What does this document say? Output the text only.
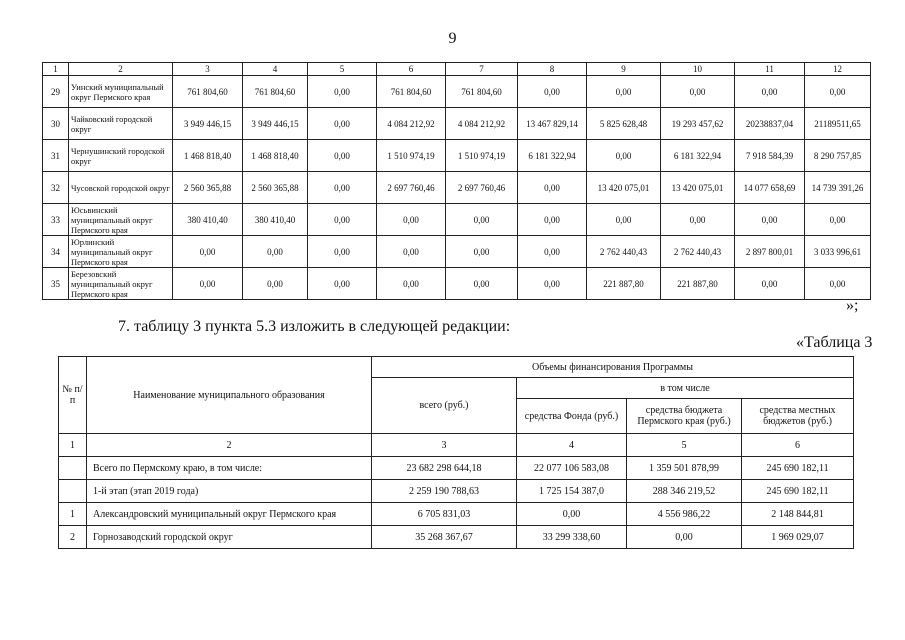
9
1	2	3	4	5	6	7	8	9	10	11	12
29	Уинский муниципальный округ Пермского края	761 804,60	761 804,60	0,00	761 804,60	761 804,60	0,00	0,00	0,00	0,00	0,00
30	Чайковский городской округ	3 949 446,15	3 949 446,15	0,00	4 084 212,92	4 084 212,92	13 467 829,14	5 825 628,48	19 293 457,62	20238837,04	21189511,65
31	Чернушинский городской округ	1 468 818,40	1 468 818,40	0,00	1 510 974,19	1 510 974,19	6 181 322,94	0,00	6 181 322,94	7 918 584,39	8 290 757,85
32	Чусовской городской округ	2 560 365,88	2 560 365,88	0,00	2 697 760,46	2 697 760,46	0,00	13 420 075,01	13 420 075,01	14 077 658,69	14 739 391,26
33	Юсьвинский муниципальный округ Пермского края	380 410,40	380 410,40	0,00	0,00	0,00	0,00	0,00	0,00	0,00	0,00
34	Юрлинский муниципальный округ Пермского края	0,00	0,00	0,00	0,00	0,00	0,00	2 762 440,43	2 762 440,43	2 897 800,01	3 033 996,61
35	Березовский муниципальный округ Пермского края	0,00	0,00	0,00	0,00	0,00	0,00	221 887,80	221 887,80	0,00	0,00
»;
7. таблицу 3 пункта 5.3 изложить в следующей редакции:
«Таблица 3
№ п/п	Наименование муниципального образования	Объемы финансирования Программы			
		всего (руб.)	в том числе		
			средства Фонда (руб.)	средства бюджета Пермского края (руб.)	средства местных бюджетов (руб.)
1	2	3	4	5	6
	Всего по Пермскому краю, в том числе:	23 682 298 644,18	22 077 106 583,08	1 359 501 878,99	245 690 182,11
	1-й этап (этап 2019 года)	2 259 190 788,63	1 725 154 387,0	288 346 219,52	245 690 182,11
1	Александровский муниципальный округ Пермского края	6 705 831,03	0,00	4 556 986,22	2 148 844,81
2	Горнозаводский городской округ	35 268 367,67	33 299 338,60	0,00	1 969 029,07
